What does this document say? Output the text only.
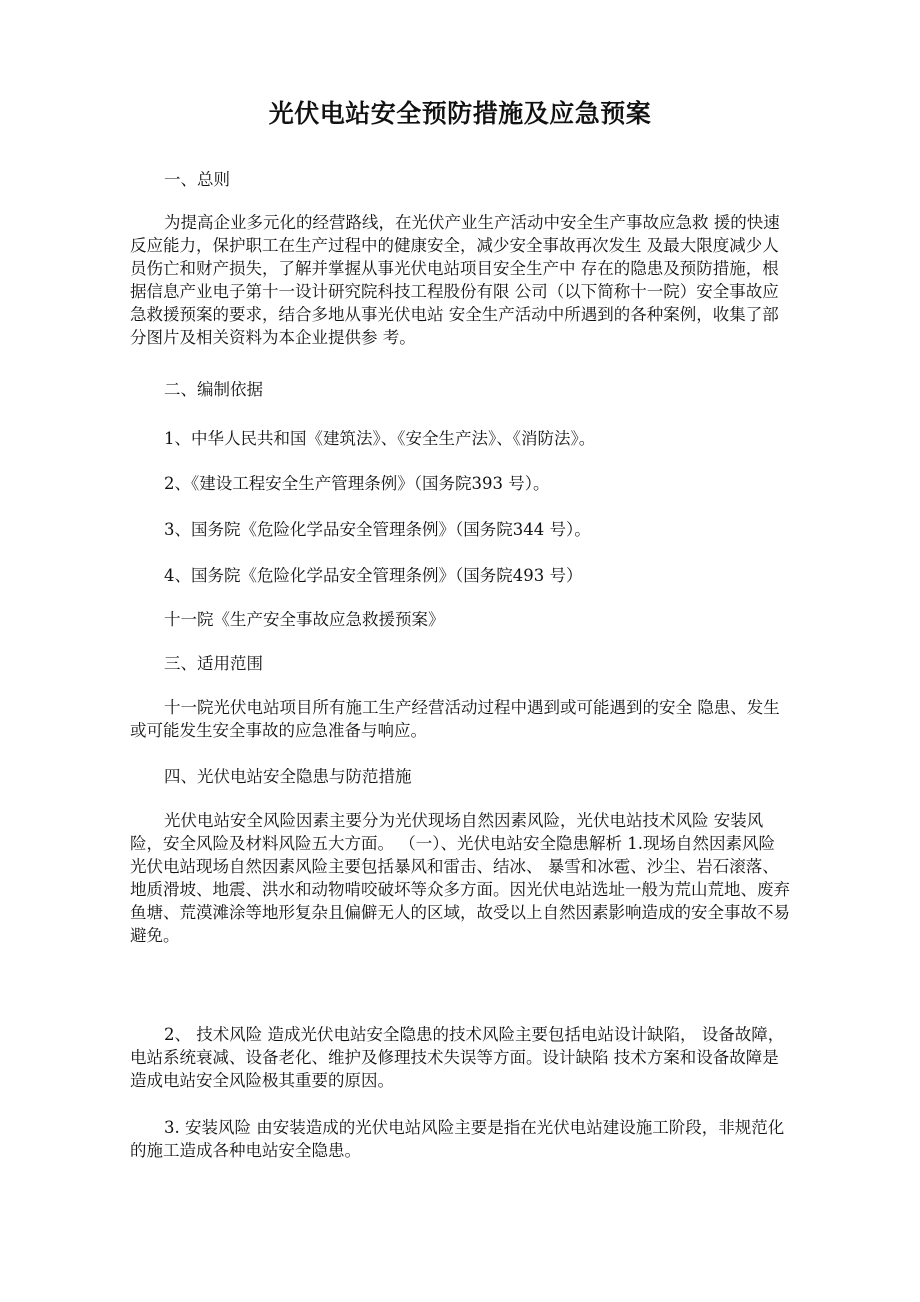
光伏电站安全预防措施及应急预案

一、总则

为提高企业多元化的经营路线，在光伏产业生产活动中安全生产事故应急救 援的快速反应能力，保护职工在生产过程中的健康安全，减少安全事故再次发生 及最大限度减少人员伤亡和财产损失，了解并掌握从事光伏电站项目安全生产中 存在的隐患及预防措施，根据信息产业电子第十一设计研究院科技工程股份有限 公司（以下简称十一院）安全事故应急救援预案的要求，结合多地从事光伏电站 安全生产活动中所遇到的各种案例，收集了部分图片及相关资料为本企业提供参 考。

二、编制依据

1、中华人民共和国《建筑法》、《安全生产法》、《消防法》。

2、《建设工程安全生产管理条例》（国务院393 号）。

3、国务院《危险化学品安全管理条例》（国务院344 号）。

4、国务院《危险化学品安全管理条例》（国务院493 号）

十一院《生产安全事故应急救援预案》

三、适用范围

十一院光伏电站项目所有施工生产经营活动过程中遇到或可能遇到的安全 隐患、发生或可能发生安全事故的应急准备与响应。

四、光伏电站安全隐患与防范措施

光伏电站安全风险因素主要分为光伏现场自然因素风险，光伏电站技术风险 安装风险，安全风险及材料风险五大方面。 （一）、光伏电站安全隐患解析 1.现场自然因素风险 光伏电站现场自然因素风险主要包括暴风和雷击、结冰、 暴雪和冰雹、沙尘、岩石滚落、地质滑坡、地震、洪水和动物啃咬破坏等众多方面。因光伏电站选址一般为荒山荒地、废弃鱼塘、荒漠滩涂等地形复杂且偏僻无人的区域，故受以上自然因素影响造成的安全事故不易避免。

2、 技术风险 造成光伏电站安全隐患的技术风险主要包括电站设计缺陷， 设备故障，电站系统衰减、设备老化、维护及修理技术失误等方面。设计缺陷 技术方案和设备故障是造成电站安全风险极其重要的原因。

3. 安装风险 由安装造成的光伏电站风险主要是指在光伏电站建设施工阶段，非规范化的施工造成各种电站安全隐患。
